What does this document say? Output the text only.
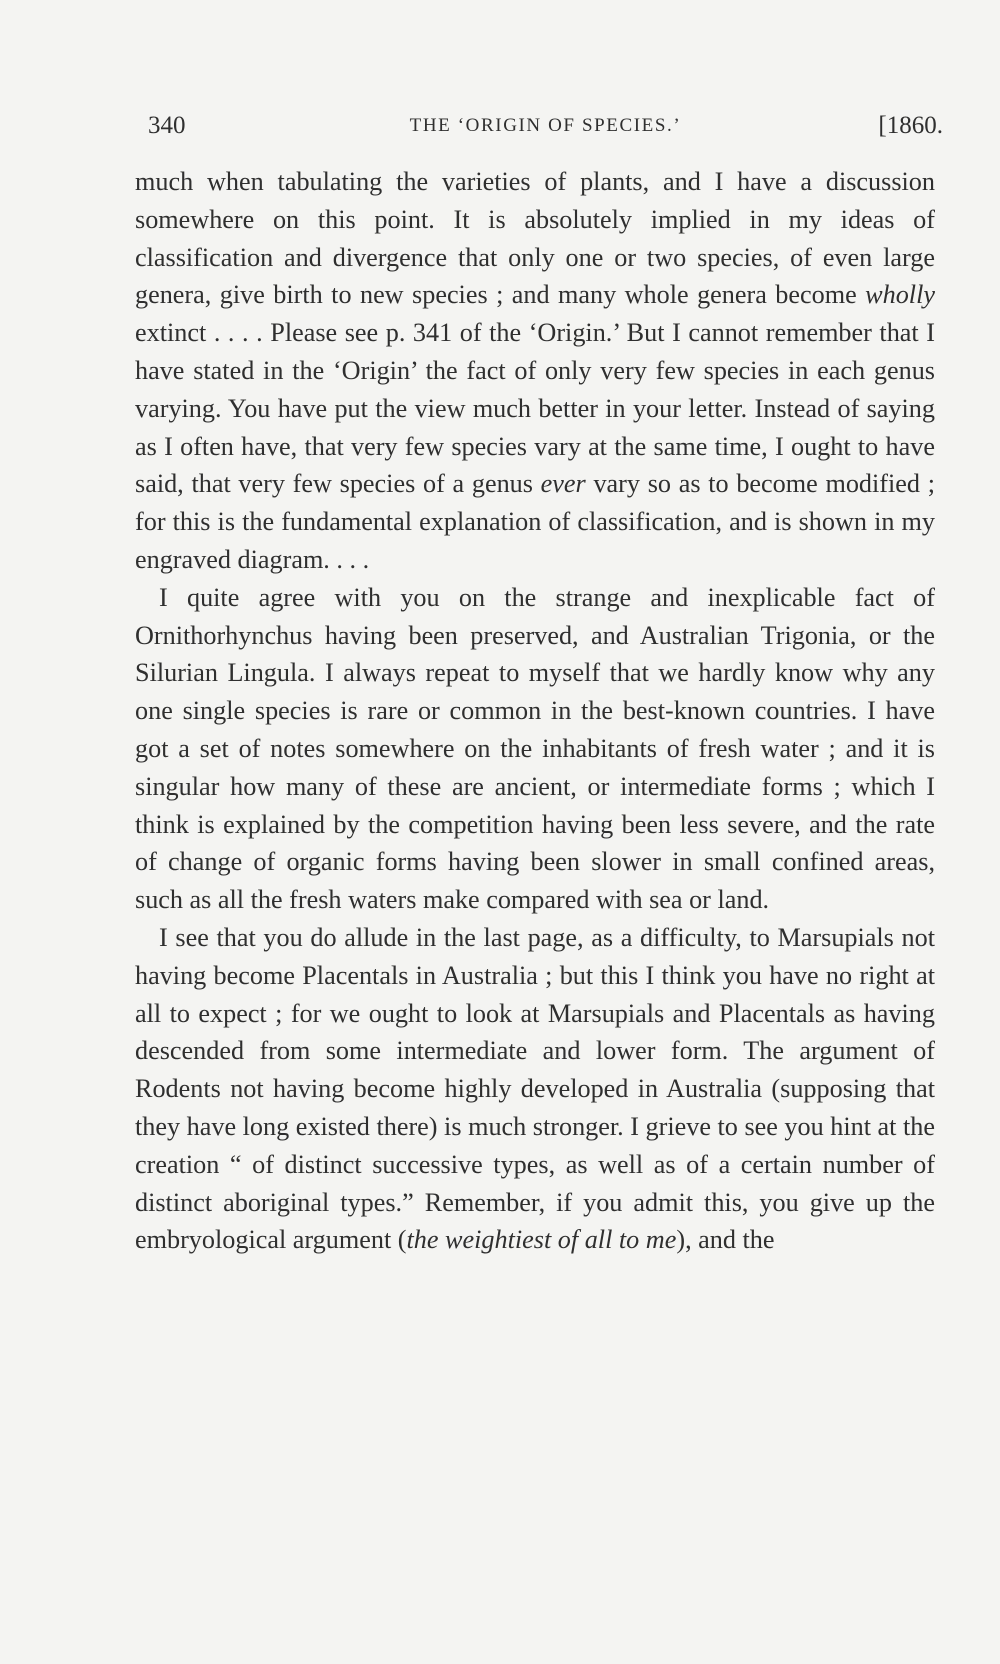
340	THE ‘ORIGIN OF SPECIES.’	[1860.

much when tabulating the varieties of plants, and I have a discussion somewhere on this point. It is absolutely implied in my ideas of classification and divergence that only one or two species, of even large genera, give birth to new species ; and many whole genera become wholly extinct . . . . Please see p. 341 of the ‘Origin.’ But I cannot remember that I have stated in the ‘Origin’ the fact of only very few species in each genus varying. You have put the view much better in your letter. Instead of saying as I often have, that very few species vary at the same time, I ought to have said, that very few species of a genus ever vary so as to become modified ; for this is the fundamental explanation of classification, and is shown in my engraved diagram. . . .

I quite agree with you on the strange and inexplicable fact of Ornithorhynchus having been preserved, and Australian Trigonia, or the Silurian Lingula. I always repeat to myself that we hardly know why any one single species is rare or common in the best-known countries. I have got a set of notes somewhere on the inhabitants of fresh water ; and it is singular how many of these are ancient, or intermediate forms ; which I think is explained by the competition having been less severe, and the rate of change of organic forms having been slower in small confined areas, such as all the fresh waters make compared with sea or land.

I see that you do allude in the last page, as a difficulty, to Marsupials not having become Placentals in Australia ; but this I think you have no right at all to expect ; for we ought to look at Marsupials and Placentals as having descended from some intermediate and lower form. The argument of Rodents not having become highly developed in Australia (supposing that they have long existed there) is much stronger. I grieve to see you hint at the creation “ of distinct successive types, as well as of a certain number of distinct aboriginal types.” Remember, if you admit this, you give up the embryological argument (the weightiest of all to me), and the
